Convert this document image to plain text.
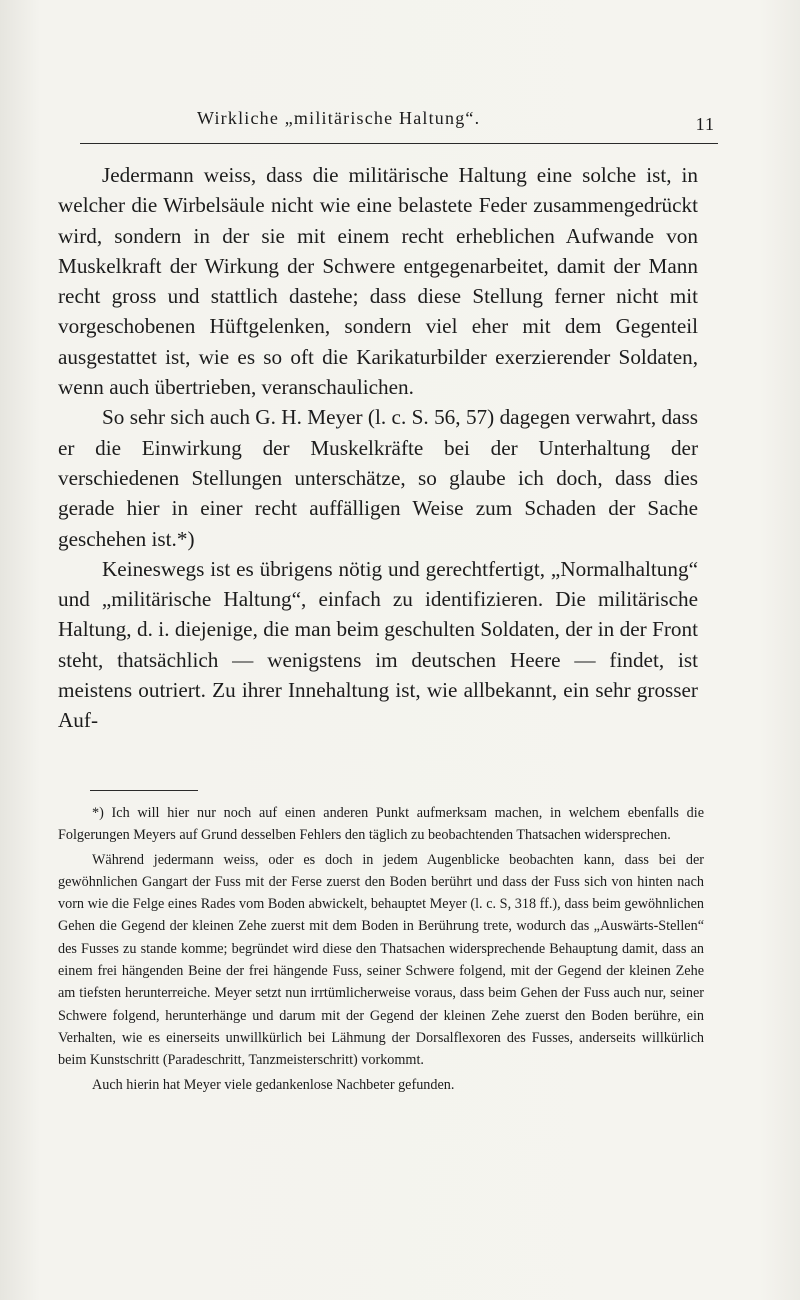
Wirkliche „militärische Haltung“.	11

Jedermann weiss, dass die militärische Haltung eine solche ist, in welcher die Wirbelsäule nicht wie eine belastete Feder zusammengedrückt wird, sondern in der sie mit einem recht erheblichen Aufwande von Muskelkraft der Wirkung der Schwere entgegenarbeitet, damit der Mann recht gross und stattlich dastehe; dass diese Stellung ferner nicht mit vorgeschobenen Hüftgelenken, sondern viel eher mit dem Gegenteil ausgestattet ist, wie es so oft die Karikaturbilder exerzierender Soldaten, wenn auch übertrieben, veranschaulichen.

So sehr sich auch G. H. Meyer (l. c. S. 56, 57) dagegen verwahrt, dass er die Einwirkung der Muskelkräfte bei der Unterhaltung der verschiedenen Stellungen unterschätze, so glaube ich doch, dass dies gerade hier in einer recht auffälligen Weise zum Schaden der Sache geschehen ist.*)

Keineswegs ist es übrigens nötig und gerechtfertigt, „Normalhaltung“ und „militärische Haltung“, einfach zu identifizieren. Die militärische Haltung, d. i. diejenige, die man beim geschulten Soldaten, der in der Front steht, thatsächlich — wenigstens im deutschen Heere — findet, ist meistens outriert. Zu ihrer Innehaltung ist, wie allbekannt, ein sehr grosser Auf-

*) Ich will hier nur noch auf einen anderen Punkt aufmerksam machen, in welchem ebenfalls die Folgerungen Meyers auf Grund desselben Fehlers den täglich zu beobachtenden Thatsachen widersprechen.

Während jedermann weiss, oder es doch in jedem Augenblicke beobachten kann, dass bei der gewöhnlichen Gangart der Fuss mit der Ferse zuerst den Boden berührt und dass der Fuss sich von hinten nach vorn wie die Felge eines Rades vom Boden abwickelt, behauptet Meyer (l. c. S, 318 ff.), dass beim gewöhnlichen Gehen die Gegend der kleinen Zehe zuerst mit dem Boden in Berührung trete, wodurch das „Auswärts-Stellen“ des Fusses zu stande komme; begründet wird diese den Thatsachen widersprechende Behauptung damit, dass an einem frei hängenden Beine der frei hängende Fuss, seiner Schwere folgend, mit der Gegend der kleinen Zehe am tiefsten herunterreiche. Meyer setzt nun irrtümlicherweise voraus, dass beim Gehen der Fuss auch nur, seiner Schwere folgend, herunterhänge und darum mit der Gegend der kleinen Zehe zuerst den Boden berühre, ein Verhalten, wie es einerseits unwillkürlich bei Lähmung der Dorsalflexoren des Fusses, anderseits willkürlich beim Kunstschritt (Paradeschritt, Tanzmeisterschritt) vorkommt.

Auch hierin hat Meyer viele gedankenlose Nachbeter gefunden.
